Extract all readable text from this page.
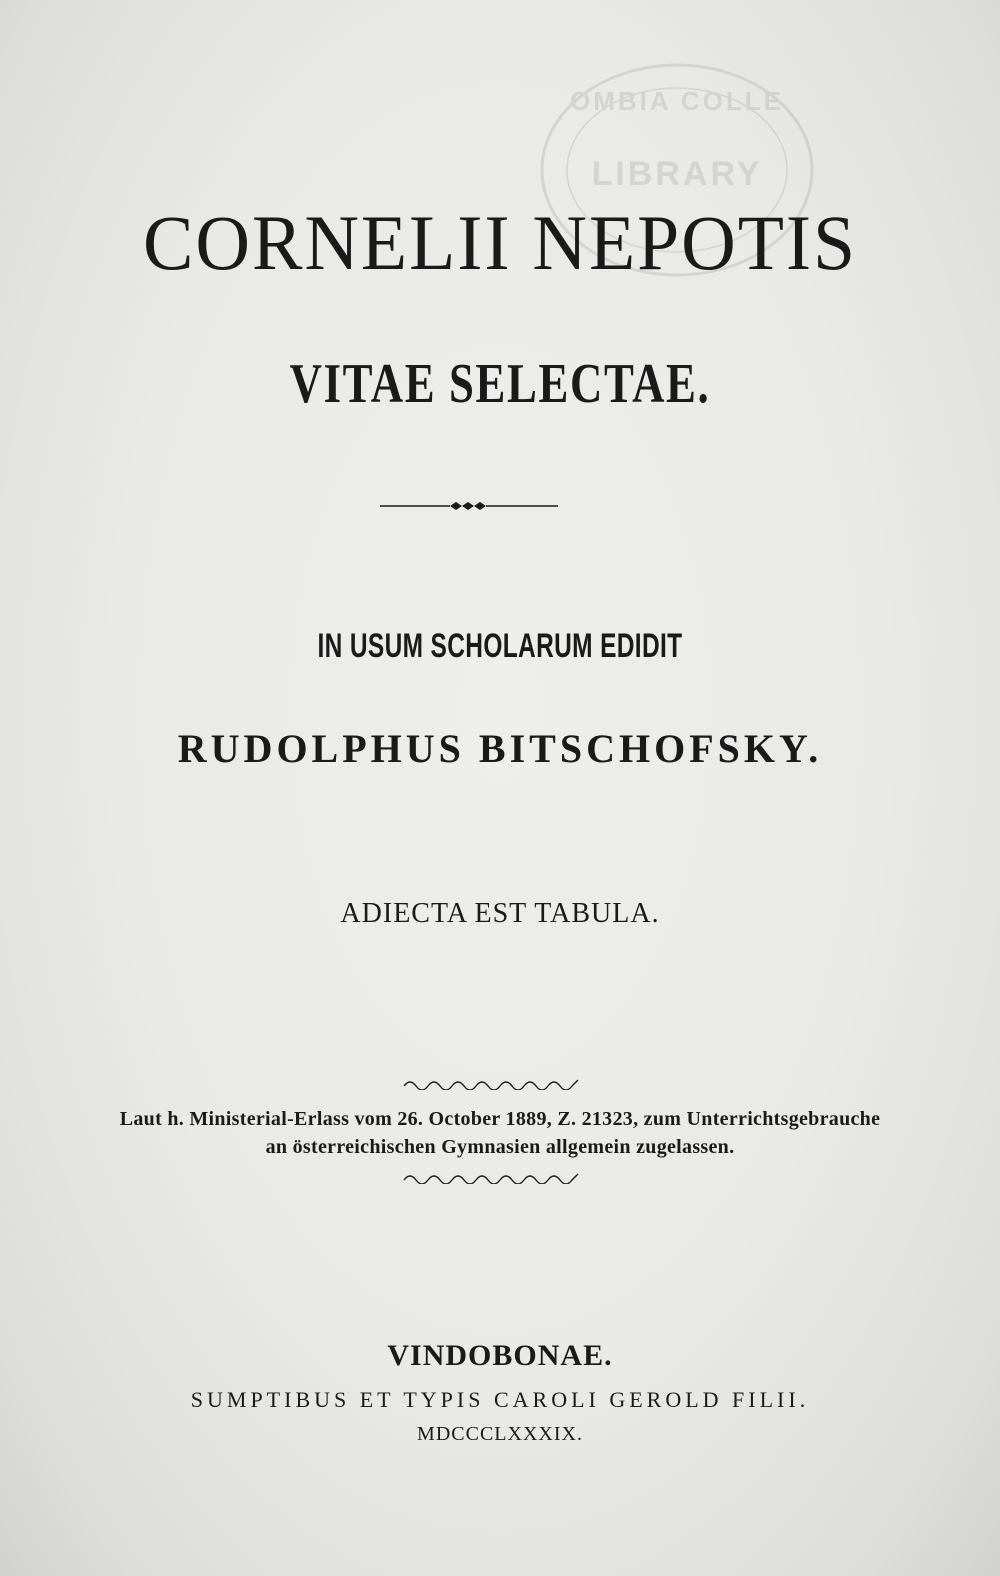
OMBIA COLLE
LIBRARY
CORNELII NEPOTIS
VITAE SELECTAE.
IN USUM SCHOLARUM EDIDIT
RUDOLPHUS BITSCHOFSKY.
ADIECTA EST TABULA.
Laut h. Ministerial-Erlass vom 26. October 1889, Z. 21323, zum Unterrichtsgebrauche
an österreichischen Gymnasien allgemein zugelassen.
VINDOBONAE.
SUMPTIBUS ET TYPIS CAROLI GEROLD FILII.
MDCCCLXXXIX.
